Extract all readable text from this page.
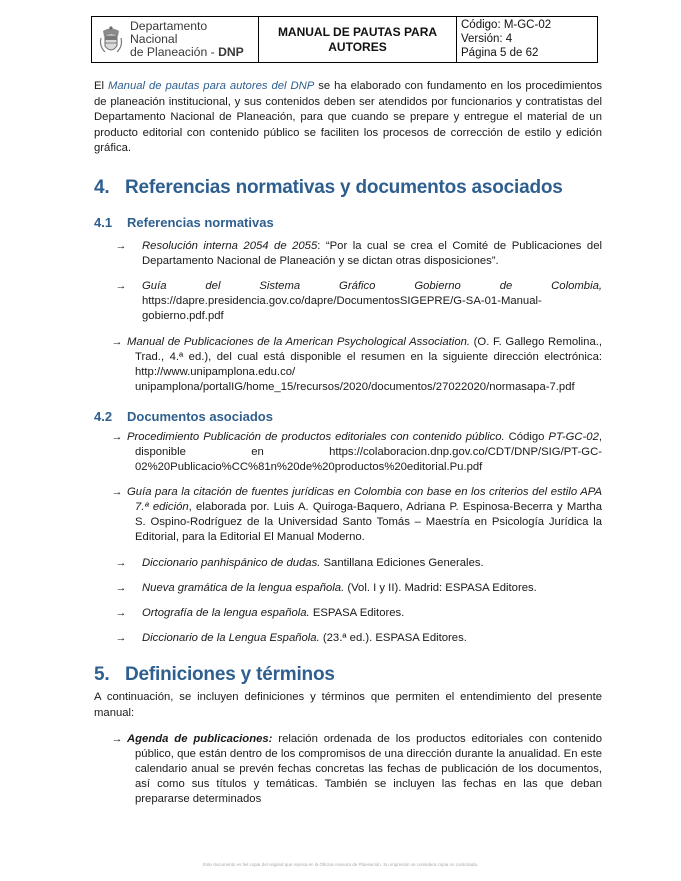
Departamento Nacional
de Planeación - DNP
MANUAL DE PAUTAS PARA AUTORES
Código: M-GC-02
Versión: 4
Página 5 de 62

El Manual de pautas para autores del DNP se ha elaborado con fundamento en los procedimientos de planeación institucional, y sus contenidos deben ser atendidos por funcionarios y contratistas del Departamento Nacional de Planeación, para que cuando se prepare y entregue el material de un producto editorial con contenido público se faciliten los procesos de corrección de estilo y edición gráfica.

4. Referencias normativas y documentos asociados
4.1 Referencias normativas

→ Resolución interna 2054 de 2055: “Por la cual se crea el Comité de Publicaciones del Departamento Nacional de Planeación y se dictan otras disposiciones”.

→ Guía del Sistema Gráfico Gobierno de Colombia, https://dapre.presidencia.gov.co/dapre/DocumentosSIGEPRE/G-SA-01-Manual-gobierno.pdf.pdf

→ Manual de Publicaciones de la American Psychological Association. (O. F. Gallego Remolina., Trad., 4.ª ed.), del cual está disponible el resumen en la siguiente dirección electrónica: http://www.unipamplona.edu.co/ unipamplona/portalIG/home_15/recursos/2020/documentos/27022020/normasapa-7.pdf

4.2 Documentos asociados

→ Procedimiento Publicación de productos editoriales con contenido público. Código PT-GC-02, disponible en https://colaboracion.dnp.gov.co/CDT/DNP/SIG/PT-GC-02%20Publicacio%CC%81n%20de%20productos%20editorial.Pu.pdf

→ Guía para la citación de fuentes jurídicas en Colombia con base en los criterios del estilo APA 7.ª edición, elaborada por. Luis A. Quiroga-Baquero, Adriana P. Espinosa-Becerra y Martha S. Ospino-Rodríguez de la Universidad Santo Tomás – Maestría en Psicología Jurídica la Editorial, para la Editorial El Manual Moderno.

→ Diccionario panhispánico de dudas. Santillana Ediciones Generales.

→ Nueva gramática de la lengua española. (Vol. I y II). Madrid: ESPASA Editores.

→ Ortografía de la lengua española. ESPASA Editores.

→ Diccionario de la Lengua Española. (23.ª ed.). ESPASA Editores.

5. Definiciones y términos

A continuación, se incluyen definiciones y términos que permiten el entendimiento del presente manual:

→ Agenda de publicaciones: relación ordenada de los productos editoriales con contenido público, que están dentro de los compromisos de una dirección durante la anualidad. En este calendario anual se prevén fechas concretas las fechas de publicación de los documentos, así como sus títulos y temáticas. También se incluyen las fechas en las que deban prepararse determinados

Este documento es fiel copia del original que reposa en la Oficina Asesora de Planeación. Su impresión se considera copia no controlada.
